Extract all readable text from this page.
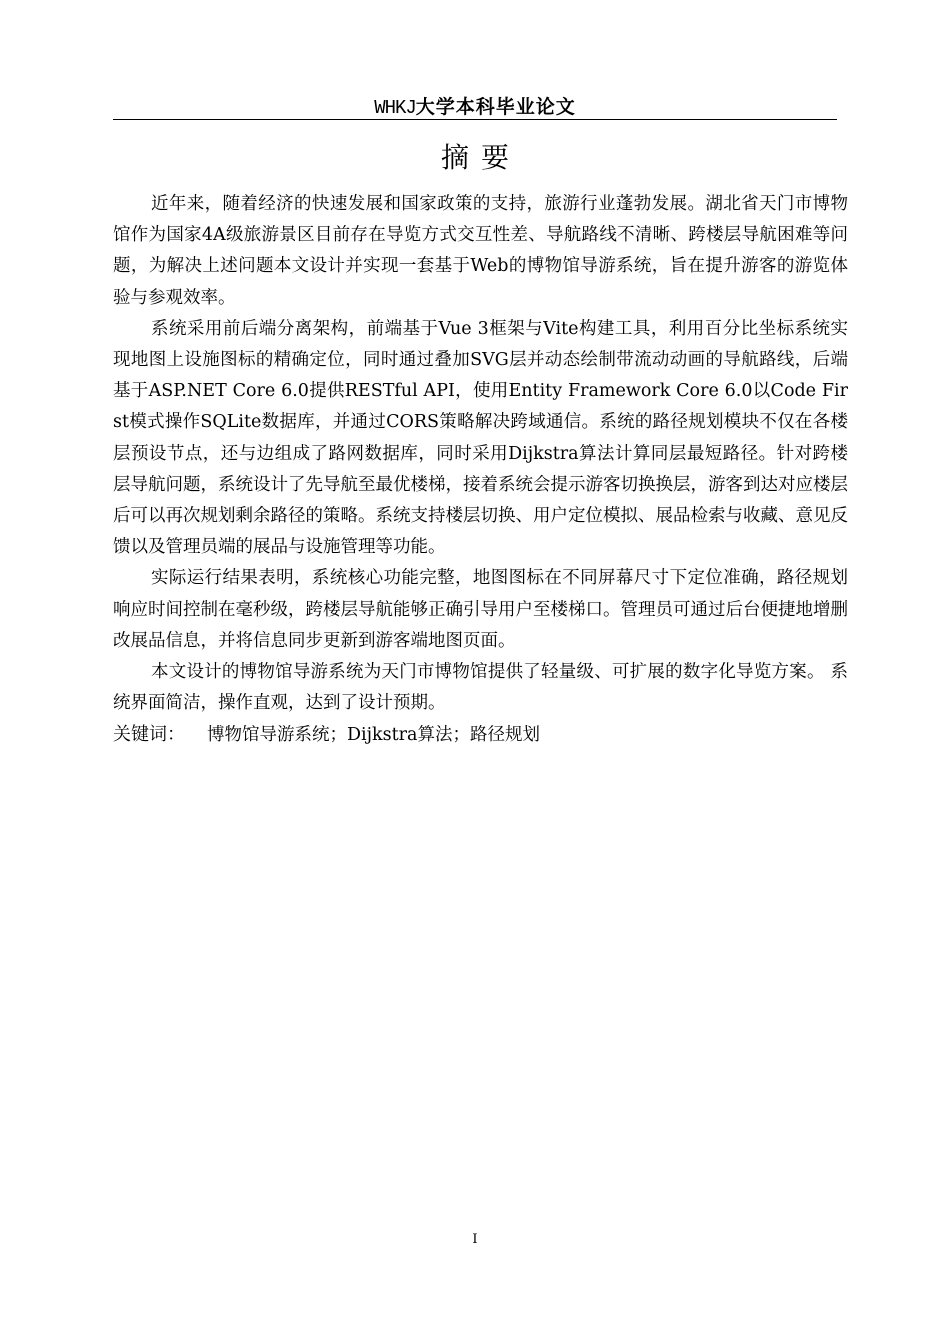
WHKJ大学本科毕业论文
摘要

近年来，随着经济的快速发展和国家政策的支持，旅游行业蓬勃发展。湖北省天门市博物馆作为国家4A级旅游景区目前存在导览方式交互性差、导航路线不清晰、跨楼层导航困难等问题，为解决上述问题本文设计并实现一套基于Web的博物馆导游系统，旨在提升游客的游览体验与参观效率。

系统采用前后端分离架构，前端基于Vue 3框架与Vite构建工具，利用百分比坐标系统实现地图上设施图标的精确定位，同时通过叠加SVG层并动态绘制带流动动画的导航路线，后端基于ASP.NET Core 6.0提供RESTful API，使用Entity Framework Core 6.0以Code First模式操作SQLite数据库，并通过CORS策略解决跨域通信。系统的路径规划模块不仅在各楼层预设节点，还与边组成了路网数据库，同时采用Dijkstra算法计算同层最短路径。针对跨楼层导航问题，系统设计了先导航至最优楼梯，接着系统会提示游客切换换层，游客到达对应楼层后可以再次规划剩余路径的策略。系统支持楼层切换、用户定位模拟、展品检索与收藏、意见反馈以及管理员端的展品与设施管理等功能。

实际运行结果表明，系统核心功能完整，地图图标在不同屏幕尺寸下定位准确，路径规划响应时间控制在毫秒级，跨楼层导航能够正确引导用户至楼梯口。管理员可通过后台便捷地增删改展品信息，并将信息同步更新到游客端地图页面。

本文设计的博物馆导游系统为天门市博物馆提供了轻量级、可扩展的数字化导览方案。 系统界面简洁，操作直观，达到了设计预期。

关键词： 博物馆导游系统；Dijkstra算法；路径规划

I
